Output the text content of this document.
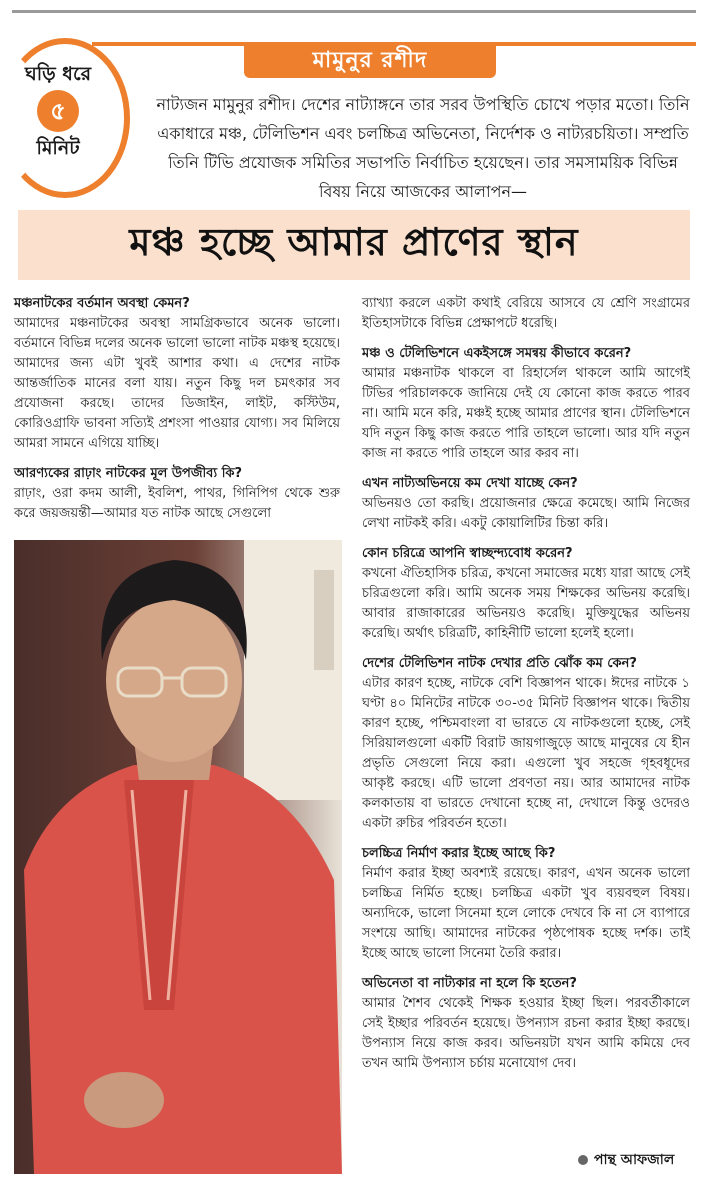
ঘড়ি ধরে
৫
মিনিট
মামুনুর রশীদ
নাট্যজন মামুনুর রশীদ। দেশের নাট্যাঙ্গনে তার সরব উপস্থিতি চোখে পড়ার মতো। তিনি একাধারে মঞ্চ, টেলিভিশন এবং চলচ্চিত্র অভিনেতা, নির্দেশক ও নাট্যরচয়িতা। সম্প্রতি তিনি টিভি প্রযোজক সমিতির সভাপতি নির্বাচিত হয়েছেন। তার সমসাময়িক বিভিন্ন বিষয় নিয়ে আজকের আলাপন—
মঞ্চ হচ্ছে আমার প্রাণের স্থান

মঞ্চনাটকের বর্তমান অবস্থা কেমন?

আমাদের মঞ্চনাটকের অবস্থা সামগ্রিকভাবে অনেক ভালো। বর্তমানে বিভিন্ন দলের অনেক ভালো ভালো নাটক মঞ্চস্থ হয়েছে। আমাদের জন্য এটা খুবই আশার কথা। এ দেশের নাটক আন্তর্জাতিক মানের বলা যায়। নতুন কিছু দল চমৎকার সব প্রযোজনা করছে। তাদের ডিজাইন, লাইট, কস্টিউম, কোরিওগ্রাফি ভাবনা সত্যিই প্রশংসা পাওয়ার যোগ্য। সব মিলিয়ে আমরা সামনে এগিয়ে যাচ্ছি।

আরণ্যকের রাঢ়াং নাটকের মূল উপজীব্য কি?

রাঢ়াং, ওরা কদম আলী, ইবলিশ, পাথর, গিনিপিগ থেকে শুরু করে জয়জয়ন্তী—আমার যত নাটক আছে সেগুলো

ব্যাখ্যা করলে একটা কথাই বেরিয়ে আসবে যে শ্রেণি সংগ্রামের ইতিহাসটাকে বিভিন্ন প্রেক্ষাপটে ধরেছি।

মঞ্চ ও টেলিভিশনে একইসঙ্গে সমন্বয় কীভাবে করেন?

আমার মঞ্চনাটক থাকলে বা রিহার্সেল থাকলে আমি আগেই টিভির পরিচালককে জানিয়ে দেই যে কোনো কাজ করতে পারব না। আমি মনে করি, মঞ্চই হচ্ছে আমার প্রাণের স্থান। টেলিভিশনে যদি নতুন কিছু কাজ করতে পারি তাহলে ভালো। আর যদি নতুন কাজ না করতে পারি তাহলে আর করব না।

এখন নাট্যঅভিনয়ে কম দেখা যাচ্ছে কেন?

অভিনয়ও তো করছি। প্রয়োজনার ক্ষেত্রে কমেছে। আমি নিজের লেখা নাটকই করি। একটু কোয়ালিটির চিন্তা করি।

কোন চরিত্রে আপনি স্বাচ্ছন্দ্যবোধ করেন?

কখনো ঐতিহাসিক চরিত্র, কখনো সমাজের মধ্যে যারা আছে সেই চরিত্রগুলো করি। আমি অনেক সময় শিক্ষকের অভিনয় করেছি। আবার রাজাকারের অভিনয়ও করেছি। মুক্তিযুদ্ধের অভিনয় করেছি। অর্থাৎ চরিত্রটি, কাহিনীটি ভালো হলেই হলো।

দেশের টেলিভিশন নাটক দেখার প্রতি ঝোঁক কম কেন?

এটার কারণ হচ্ছে, নাটকে বেশি বিজ্ঞাপন থাকে। ঈদের নাটকে ১ ঘণ্টা ৪০ মিনিটের নাটকে ৩০-৩৫ মিনিট বিজ্ঞাপন থাকে। দ্বিতীয় কারণ হচ্ছে, পশ্চিমবাংলা বা ভারতে যে নাটকগুলো হচ্ছে, সেই সিরিয়ালগুলো একটি বিরাট জায়গাজুড়ে আছে মানুষের যে হীন প্রভৃতি সেগুলো নিয়ে করা। এগুলো খুব সহজে গৃহবধূদের আকৃষ্ট করছে। এটি ভালো প্রবণতা নয়। আর আমাদের নাটক কলকাতায় বা ভারতে দেখানো হচ্ছে না, দেখালে কিন্তু ওদেরও একটা রুচির পরিবর্তন হতো।

চলচ্চিত্র নির্মাণ করার ইচ্ছে আছে কি?

নির্মাণ করার ইচ্ছা অবশ্যই রয়েছে। কারণ, এখন অনেক ভালো চলচ্চিত্র নির্মিত হচ্ছে। চলচ্চিত্র একটা খুব ব্যয়বহুল বিষয়। অন্যদিকে, ভালো সিনেমা হলে লোকে দেখবে কি না সে ব্যাপারে সংশয়ে আছি। আমাদের নাটকের পৃষ্ঠপোষক হচ্ছে দর্শক। তাই ইচ্ছে আছে ভালো সিনেমা তৈরি করার।

অভিনেতা বা নাট্যকার না হলে কি হতেন?

আমার শৈশব থেকেই শিক্ষক হওয়ার ইচ্ছা ছিল। পরবর্তীকালে সেই ইচ্ছার পরিবর্তন হয়েছে। উপন্যাস রচনা করার ইচ্ছা করছে। উপন্যাস নিয়ে কাজ করব। অভিনয়টা যখন আমি কমিয়ে দেব তখন আমি উপন্যাস চর্চায় মনোযোগ দেব।

পান্থ আফজাল
